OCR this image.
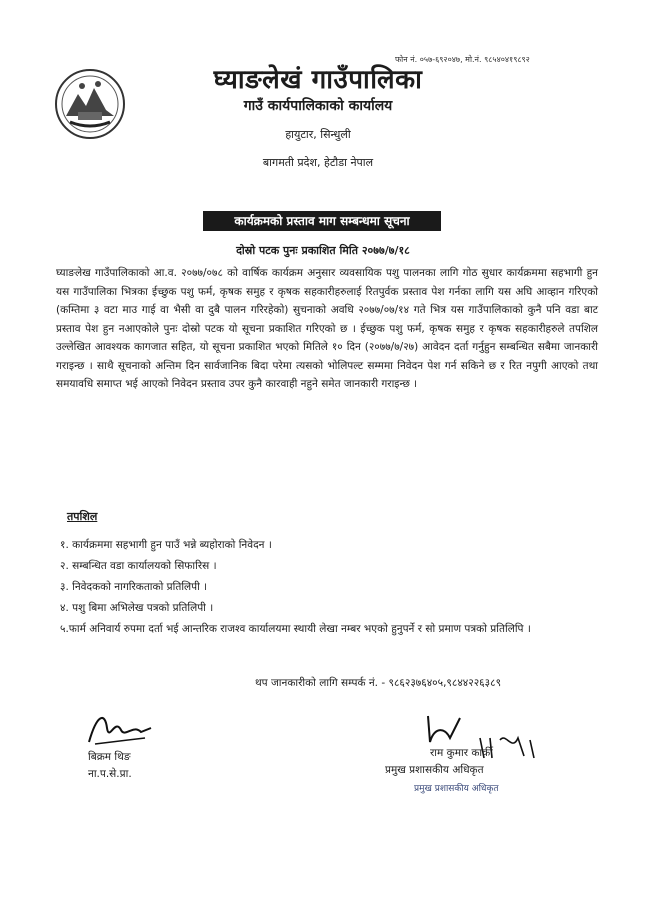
फोन नं. ०५७-६९२०४७, मो.नं. ९८५४०४१९८९२
घ्याङलेखं गाउँपालिका
गाउँ कार्यपालिकाको कार्यालय
हायुटार, सिन्धुली
बागमती प्रदेश, हेटौडा नेपाल
कार्यक्रमको प्रस्ताव माग सम्बन्धमा सूचना
दोस्रो पटक पुनः प्रकाशित मिति २०७७/७/१८
घ्याङलेख गाउँपालिकाको आ.व. २०७७/०७८ को वार्षिक कार्यक्रम अनुसार व्यवसायिक पशु पालनका लागि गोठ सुधार कार्यक्रममा सहभागी हुन यस गाउँपालिका भित्रका ईच्छुक पशु फर्म, कृषक समुह र कृषक सहकारीहरुलाई रितपुर्वक प्रस्ताव पेश गर्नका लागि यस अघि आव्हान गरिएको (कम्तिमा ३ वटा माउ गाई वा भैसी वा दुबै पालन गरिरहेको) सुचनाको अवधि २०७७/०७/१४ गते भित्र यस गाउँपालिकाको कुनै पनि वडा बाट प्रस्ताव पेश हुन नआएकोले पुनः दोस्रो पटक यो सूचना प्रकाशित गरिएको छ । ईच्छुक पशु फर्म, कृषक समुह र कृषक सहकारीहरुले तपशिल उल्लेखित आवश्यक कागजात सहित, यो सूचना प्रकाशित भएको मितिले १० दिन (२०७७/७/२७) आवेदन दर्ता गर्नुहुन सम्बन्धित सबैमा जानकारी गराइन्छ । साथै सूचनाको अन्तिम दिन सार्वजानिक बिदा परेमा त्यसको भोलिपल्ट सम्ममा निवेदन पेश गर्न सकिने छ र रित नपुगी आएको तथा समयावधि समाप्त भई आएको निवेदन प्रस्ताव उपर कुनै कारवाही नहुने समेत जानकारी गराइन्छ ।
तपशिल
१. कार्यक्रममा सहभागी हुन पाउँ भन्ने ब्यहोराको निवेदन ।
२. सम्बन्धित वडा कार्यालयको सिफारिस ।
३. निवेदकको नागरिकताको प्रतिलिपी ।
४. पशु बिमा अभिलेख पत्रको प्रतिलिपी ।
५.फार्म अनिवार्य रुपमा दर्ता भई आन्तरिक राजश्व कार्यालयमा स्थायी लेखा नम्बर भएको हुनुपर्ने र सो प्रमाण पत्रको प्रतिलिपि ।
थप जानकारीको लागि सम्पर्क नं. - ९८६२३७६४०५,९८४४२२६३८९
बिक्रम थिङ
ना.प.से.प्रा.
राम कुमार कार्की
प्रमुख प्रशासकीय अधिकृत
प्रमुख प्रशासकीय अधिकृत
